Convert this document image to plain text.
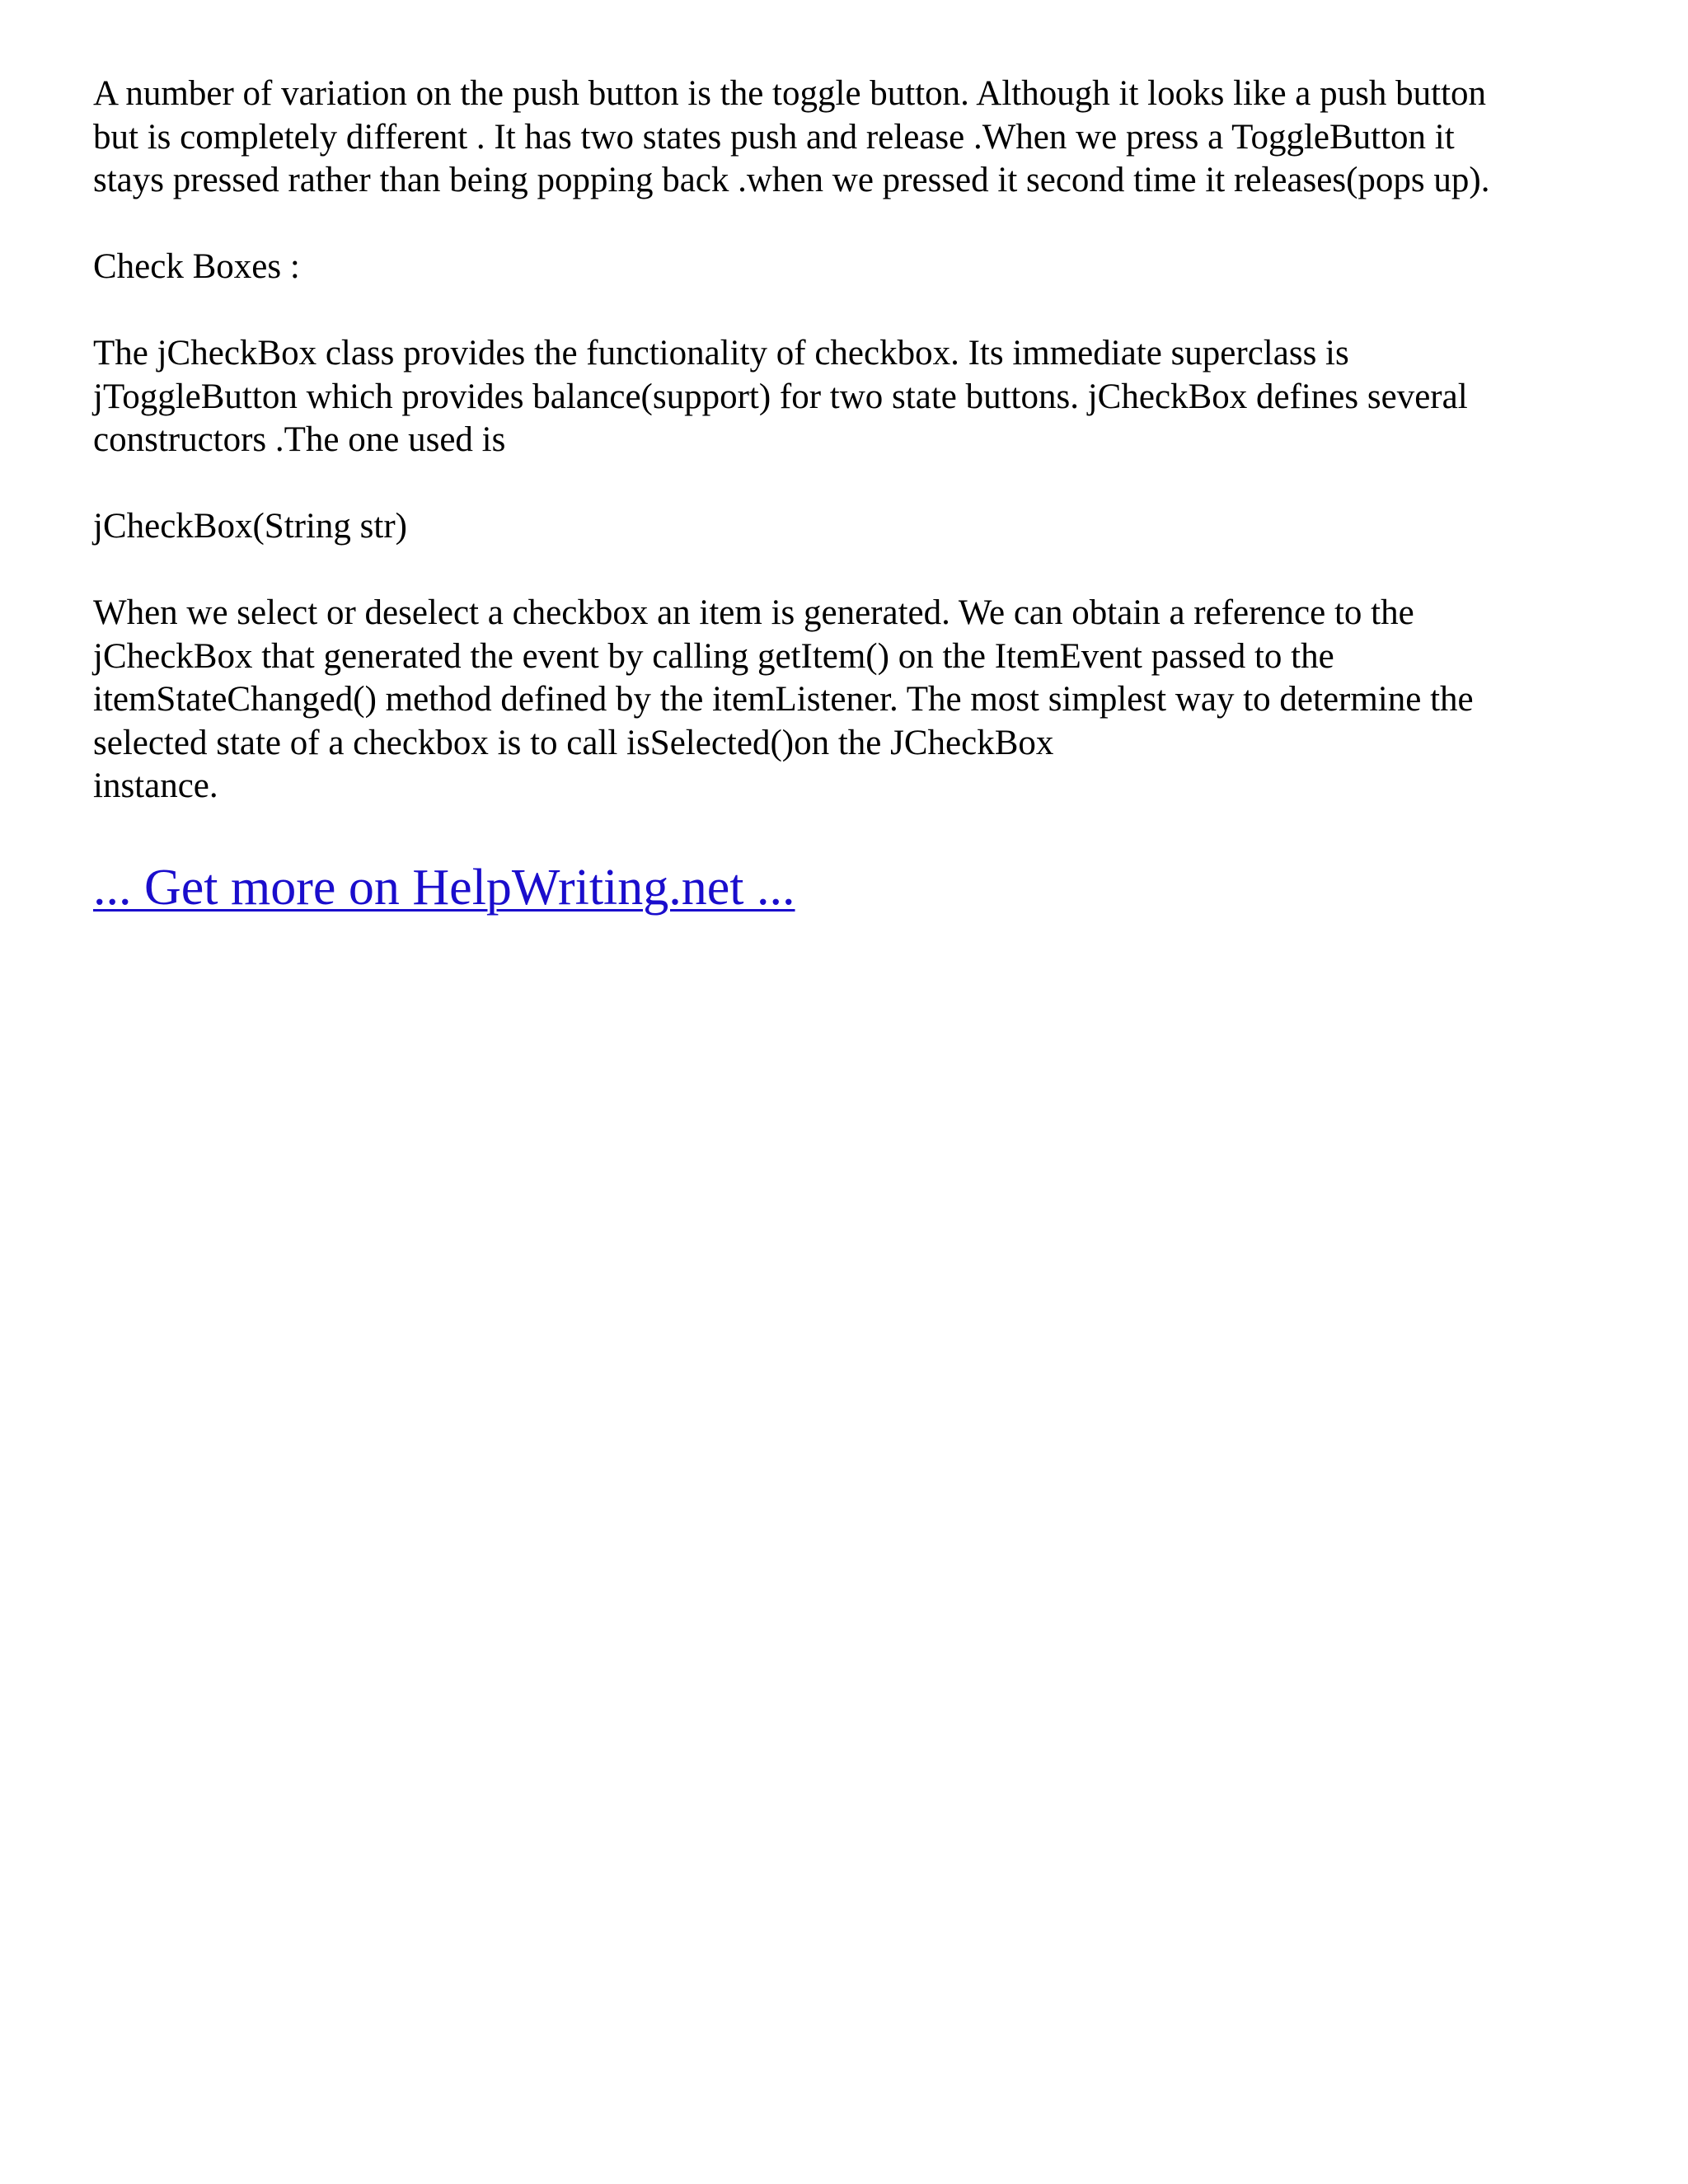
A number of variation on the push button is the toggle button. Although it looks like a push button
but is completely different . It has two states push and release .When we press a ToggleButton it
stays pressed rather than being popping back .when we pressed it second time it releases(pops up).

Check Boxes :

The jCheckBox class provides the functionality of checkbox. Its immediate superclass is
jToggleButton which provides balance(support) for two state buttons. jCheckBox defines several
constructors .The one used is

jCheckBox(String str)

When we select or deselect a checkbox an item is generated. We can obtain a reference to the
jCheckBox that generated the event by calling getItem() on the ItemEvent passed to the
itemStateChanged() method defined by the itemListener. The most simplest way to determine the
selected state of a checkbox is to call isSelected()on the JCheckBox
instance.

... Get more on HelpWriting.net ...
